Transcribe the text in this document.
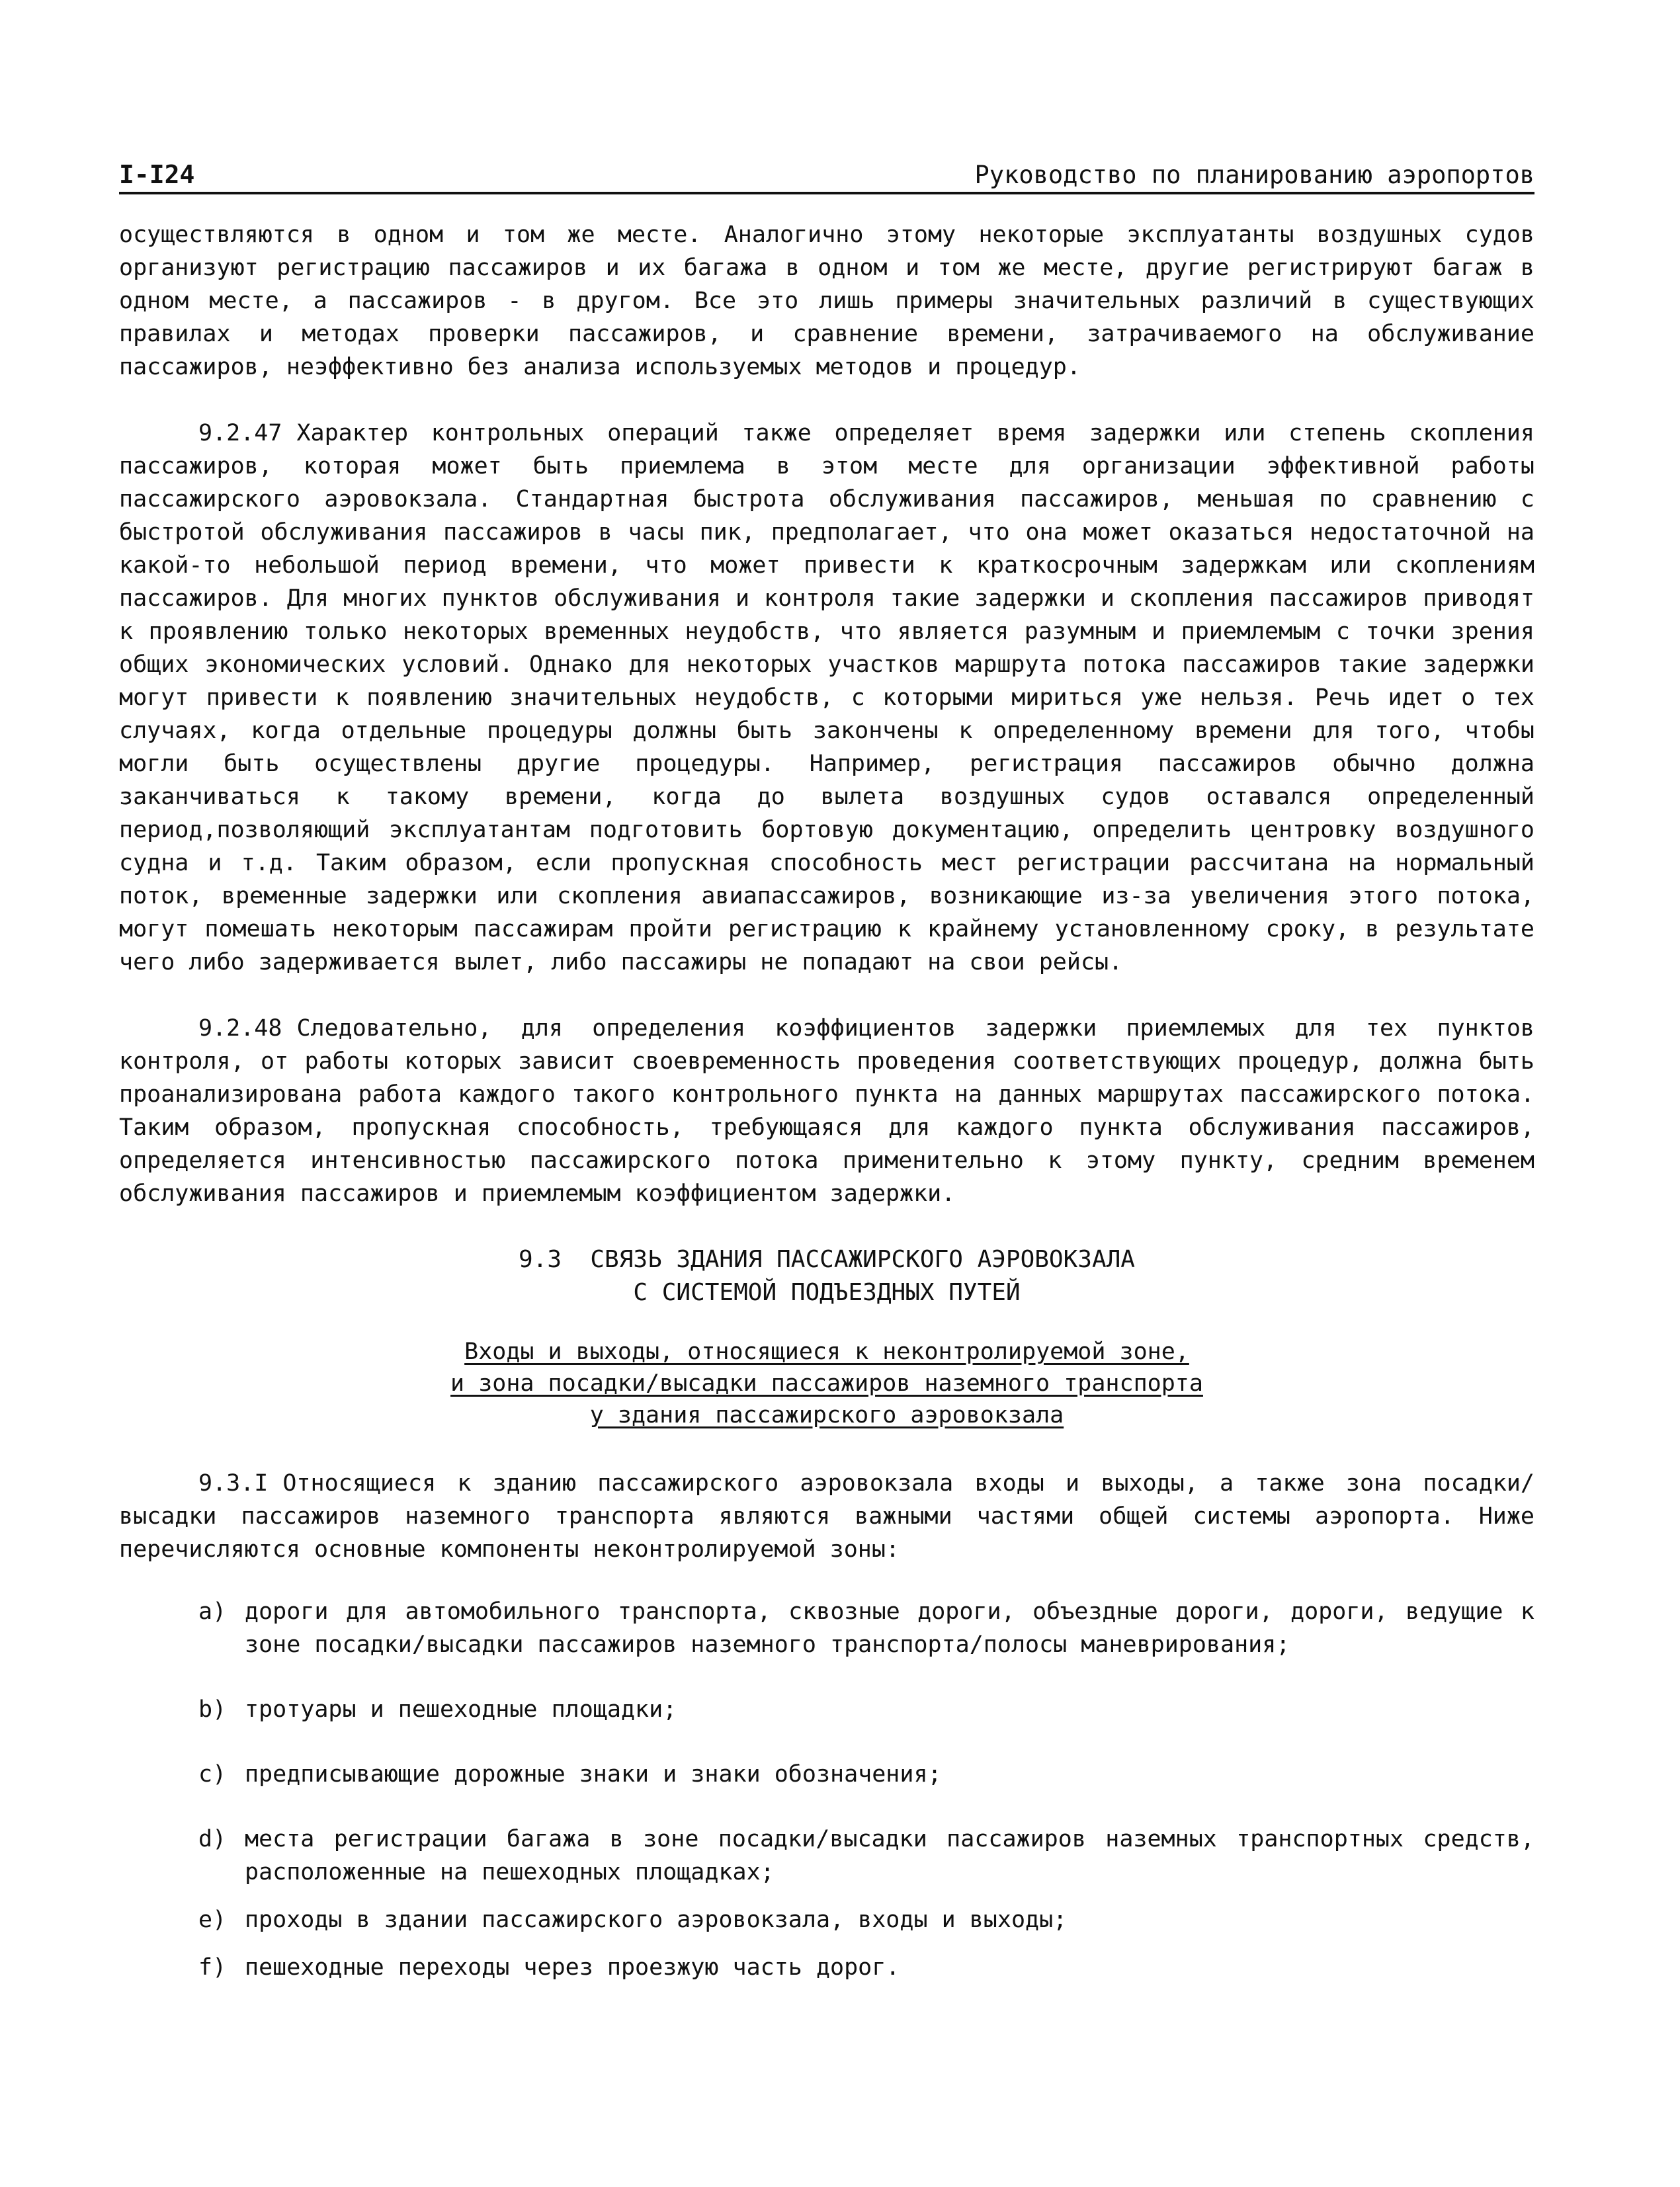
I-I24	Руководство по планированию аэропортов

осуществляются в одном и том же месте. Аналогично этому некоторые эксплуатанты воздушных судов организуют регистрацию пассажиров и их багажа в одном и том же месте, другие регистрируют багаж в одном месте, а пассажиров - в другом. Все это лишь примеры значительных различий в существующих правилах и методах проверки пассажиров, и сравнение времени, затрачиваемого на обслуживание пассажиров, неэффективно без анализа используемых методов и процедур.

9.2.47 Характер контрольных операций также определяет время задержки или степень скопления пассажиров, которая может быть приемлема в этом месте для организации эффективной работы пассажирского аэровокзала. Стандартная быстрота обслуживания пассажиров, меньшая по сравнению с быстротой обслуживания пассажиров в часы пик, предполагает, что она может оказаться недостаточной на какой-то небольшой период времени, что может привести к краткосрочным задержкам или скоплениям пассажиров. Для многих пунктов обслуживания и контроля такие задержки и скопления пассажиров приводят к проявлению только некоторых временных неудобств, что является разумным и приемлемым с точки зрения общих экономических условий. Однако для некоторых участков маршрута потока пассажиров такие задержки могут привести к появлению значительных неудобств, с которыми мириться уже нельзя. Речь идет о тех случаях, когда отдельные процедуры должны быть закончены к определенному времени для того, чтобы могли быть осуществлены другие процедуры. Например, регистрация пассажиров обычно должна заканчиваться к такому времени, когда до вылета воздушных судов оставался определенный период,позволяющий эксплуатантам подготовить бортовую документацию, определить центровку воздушного судна и т.д. Таким образом, если пропускная способность мест регистрации рассчитана на нормальный поток, временные задержки или скопления авиапассажиров, возникающие из-за увеличения этого потока, могут помешать некоторым пассажирам пройти регистрацию к крайнему установленному сроку, в результате чего либо задерживается вылет, либо пассажиры не попадают на свои рейсы.

9.2.48 Следовательно, для определения коэффициентов задержки приемлемых для тех пунктов контроля, от работы которых зависит своевременность проведения соответствующих процедур, должна быть проанализирована работа каждого такого контрольного пункта на данных маршрутах пассажирского потока. Таким образом, пропускная способность, требующаяся для каждого пункта обслуживания пассажиров, определяется интенсивностью пассажирского потока применительно к этому пункту, средним временем обслуживания пассажиров и приемлемым коэффициентом задержки.

9.3  СВЯЗЬ ЗДАНИЯ ПАССАЖИРСКОГО АЭРОВОКЗАЛА
С СИСТЕМОЙ ПОДЪЕЗДНЫХ ПУТЕЙ
Входы и выходы, относящиеся к неконтролируемой зоне,
и зона посадки/высадки пассажиров наземного транспорта
у здания пассажирского аэровокзала

9.3.I Относящиеся к зданию пассажирского аэровокзала входы и выходы, а также зона посадки/высадки пассажиров наземного транспорта являются важными частями общей системы аэропорта. Ниже перечисляются основные компоненты неконтролируемой зоны:

a) дороги для автомобильного транспорта, сквозные дороги, объездные дороги, дороги, ведущие к зоне посадки/высадки пассажиров наземного транспорта/полосы маневрирования;
b) тротуары и пешеходные площадки;
c) предписывающие дорожные знаки и знаки обозначения;
d) места регистрации багажа в зоне посадки/высадки пассажиров наземных транспортных средств, расположенные на пешеходных площадках;
e) проходы в здании пассажирского аэровокзала, входы и выходы;
f) пешеходные переходы через проезжую часть дорог.
